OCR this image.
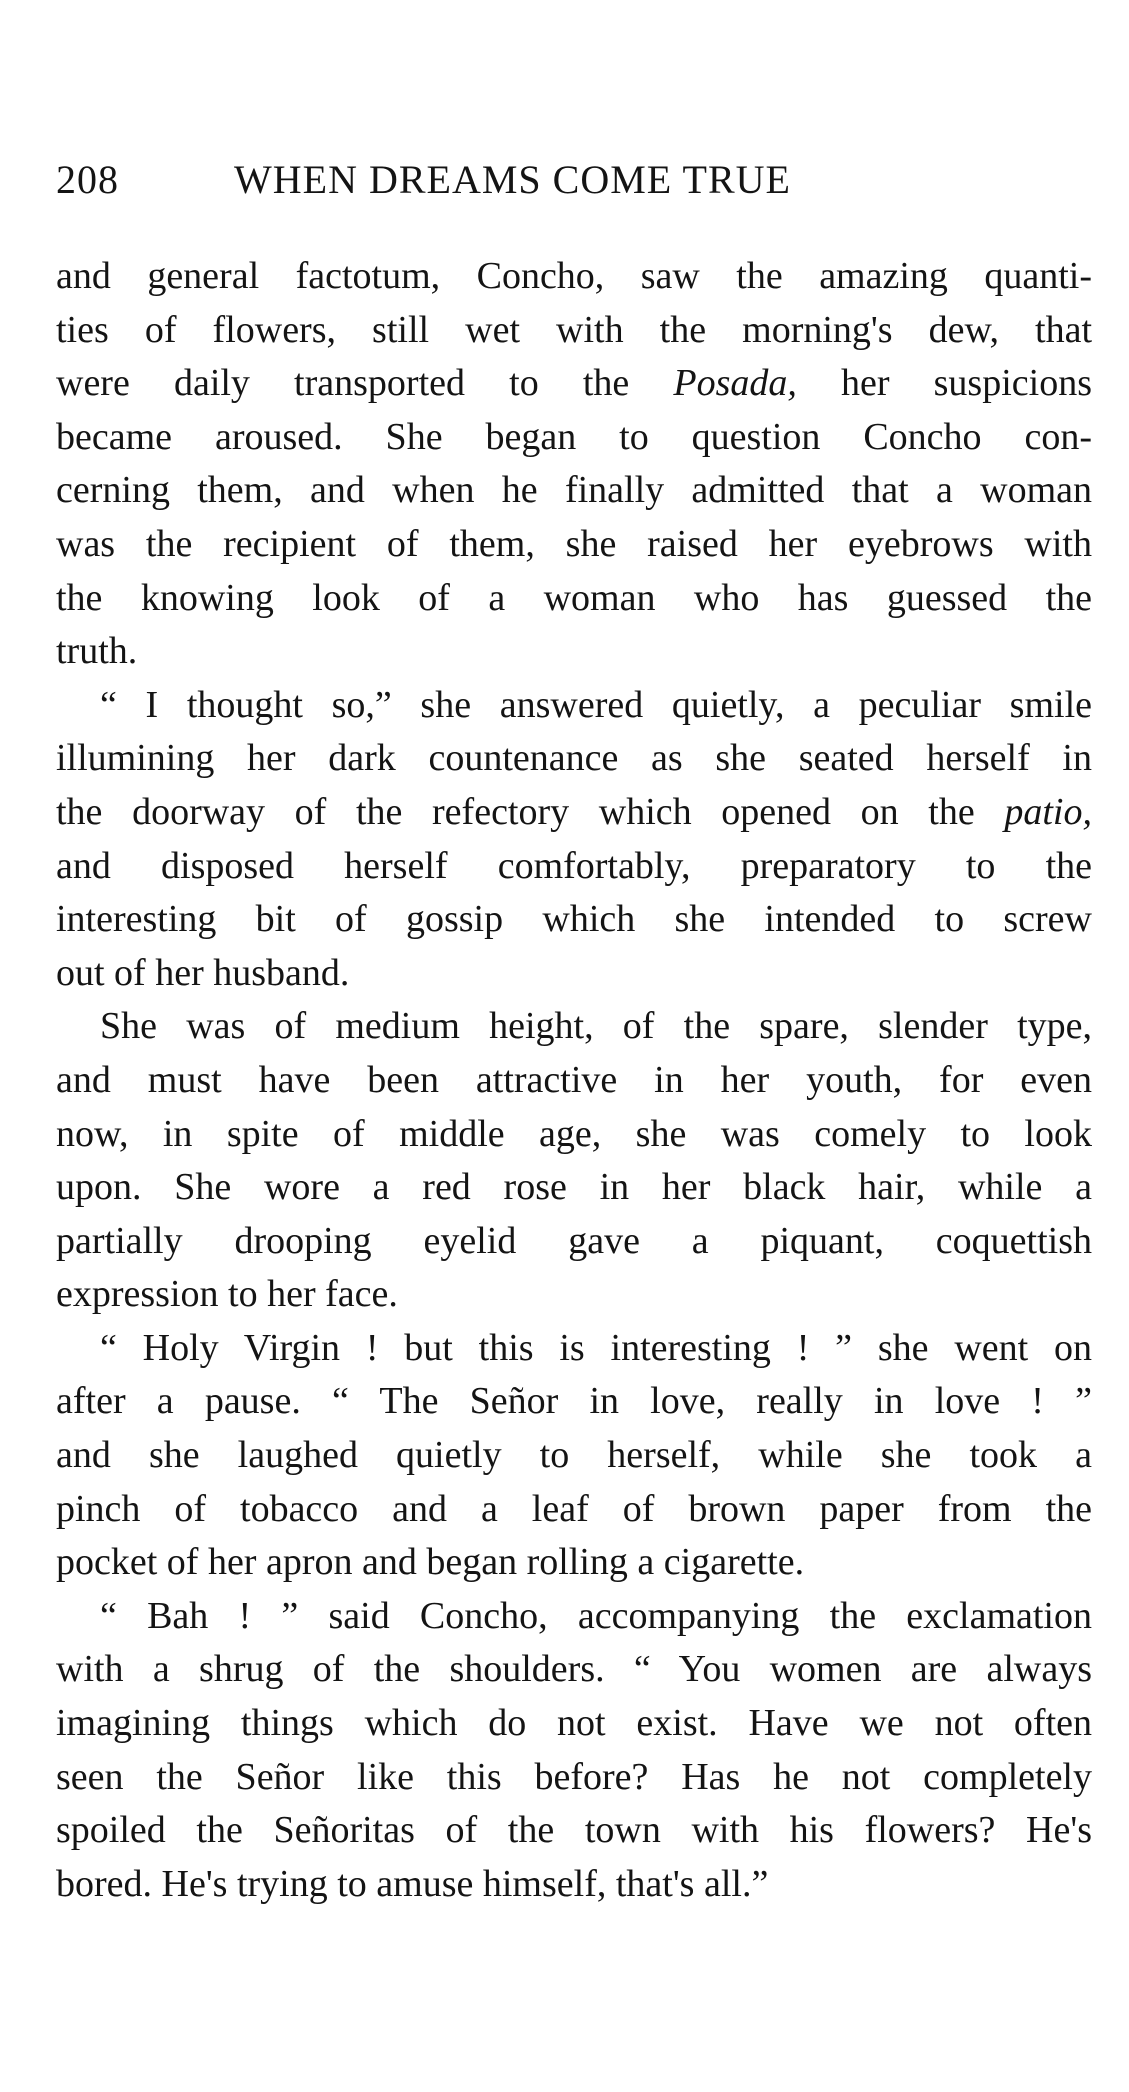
208	WHEN DREAMS COME TRUE
and general factotum, Concho, saw the amazing quanti-
ties of flowers, still wet with the morning's dew, that
were daily transported to the Posada, her suspicions
became aroused. She began to question Concho con-
cerning them, and when he finally admitted that a woman
was the recipient of them, she raised her eyebrows with
the knowing look of a woman who has guessed the
truth.
“ I thought so,” she answered quietly, a peculiar smile
illumining her dark countenance as she seated herself in
the doorway of the refectory which opened on the patio,
and disposed herself comfortably, preparatory to the
interesting bit of gossip which she intended to screw
out of her husband.
She was of medium height, of the spare, slender type,
and must have been attractive in her youth, for even
now, in spite of middle age, she was comely to look
upon. She wore a red rose in her black hair, while a
partially drooping eyelid gave a piquant, coquettish
expression to her face.
“ Holy Virgin ! but this is interesting ! ” she went on
after a pause. “ The Señor in love, really in love ! ”
and she laughed quietly to herself, while she took a
pinch of tobacco and a leaf of brown paper from the
pocket of her apron and began rolling a cigarette.
“ Bah ! ” said Concho, accompanying the exclamation
with a shrug of the shoulders. “ You women are always
imagining things which do not exist. Have we not often
seen the Señor like this before? Has he not completely
spoiled the Señoritas of the town with his flowers? He's
bored. He's trying to amuse himself, that's all.”
